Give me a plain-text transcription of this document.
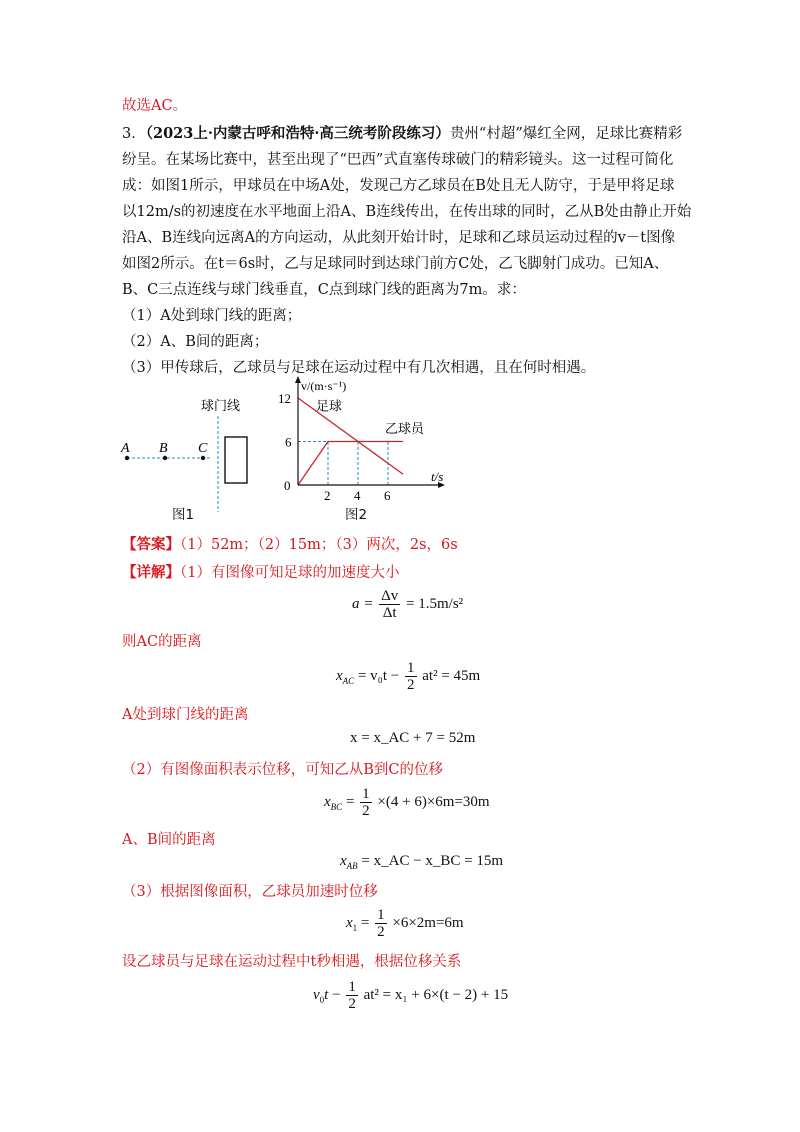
故选AC。
3．（2023上·内蒙古呼和浩特·高三统考阶段练习）贵州“村超”爆红全网，足球比赛精彩
纷呈。在某场比赛中，甚至出现了“巴西”式直塞传球破门的精彩镜头。这一过程可简化
成：如图1所示，甲球员在中场A处，发现己方乙球员在B处且无人防守，于是甲将足球
以12m/s的初速度在水平地面上沿A、B连线传出，在传出球的同时，乙从B处由静止开始
沿A、B连线向远离A的方向运动，从此刻开始计时，足球和乙球员运动过程的v－t图像
如图2所示。在t＝6s时，乙与足球同时到达球门前方C处，乙飞脚射门成功。已知A、
B、C三点连线与球门线垂直，C点到球门线的距离为7m。求：
（1）A处到球门线的距离；
（2）A、B间的距离；
（3）甲传球后，乙球员与足球在运动过程中有几次相遇，且在何时相遇。
A B C
球门线
图1
v/(m·s⁻¹)
t/s
0
2 4 6
6
12
足球
乙球员
图2
【答案】（1）52m；（2）15m；（3）两次，2s，6s
【详解】（1）有图像可知足球的加速度大小
$a = \frac{\Delta v}{\Delta t} = 1.5m/s^2$
则AC的距离
$x_{AC} = v_0t - \frac{1}{2} at^2 = 45m$
A处到球门线的距离
x = x_AC + 7 = 52m
（2）有图像面积表示位移，可知乙从B到C的位移
$x_{BC} = \frac{1}{2} \times(4 + 6)\times 6m=30m$
A、B间的距离
$x_{AB}$ = x_AC − x_BC = 15m
（3）根据图像面积，乙球员加速时位移
$x_1 = \frac{1}{2} \times 6\times 2m=6m$
设乙球员与足球在运动过程中t秒相遇，根据位移关系
$v_0t - \frac{1}{2} at^2 = x_1 + 6\times(t - 2) + 15$
